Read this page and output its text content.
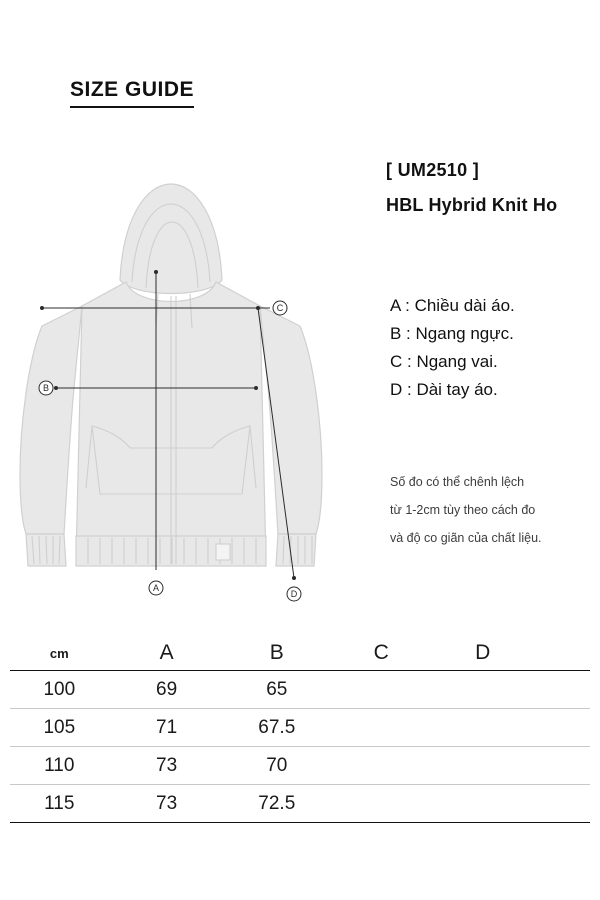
SIZE GUIDE
C
B
A
D
[ UM2510 ]
HBL Hybrid Knit Ho
A : Chiều dài áo.
B : Ngang ngực.
C : Ngang vai.
D : Dài tay áo.
Số đo có thể chênh lệch
từ 1-2cm tùy theo cách đo
và độ co giãn của chất liệu.
cm	A	B	C	D	
100	69	65			
105	71	67.5			
110	73	70			
115	73	72.5			
